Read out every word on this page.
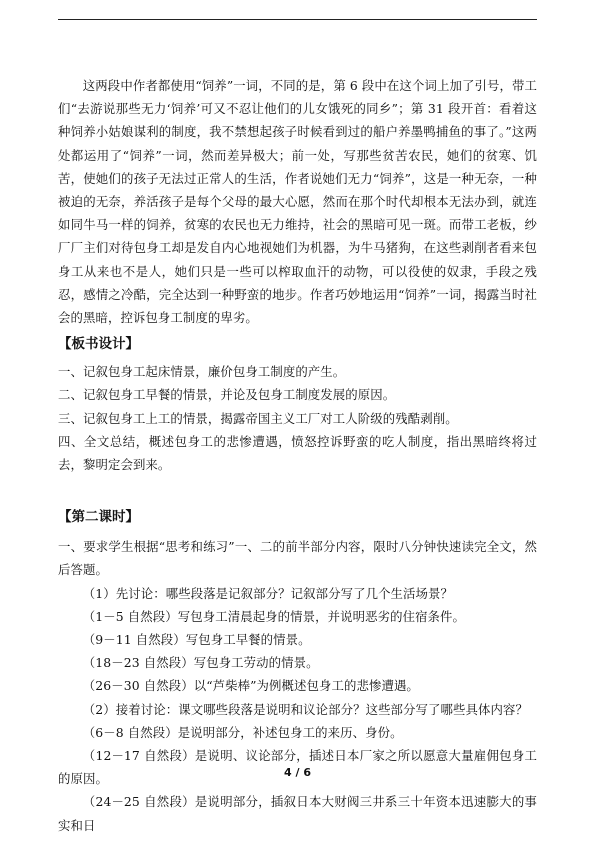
这两段中作者都使用“饲养”一词，不同的是，第 6 段中在这个词上加了引号，带工们“去游说那些无力‘饲养’可又不忍让他们的儿女饿死的同乡”；第 31 段开首：看着这种饲养小姑娘谋利的制度，我不禁想起孩子时候看到过的船户养墨鸭捕鱼的事了。”这两处都运用了“饲养”一词，然而差异极大；前一处，写那些贫苦农民，她们的贫寒、饥苦，使她们的孩子无法过正常人的生活，作者说她们无力“饲养”，这是一种无奈，一种被迫的无奈，养活孩子是每个父母的最大心愿，然而在那个时代却根本无法办到，就连如同牛马一样的饲养，贫寒的农民也无力维持，社会的黑暗可见一斑。而带工老板，纱厂厂主们对待包身工却是发自内心地视她们为机器，为牛马猪狗，在这些剥削者看来包身工从来也不是人，她们只是一些可以榨取血汗的动物，可以役使的奴隶，手段之残忍，感情之冷酷，完全达到一种野蛮的地步。作者巧妙地运用“饲养”一词，揭露当时社会的黑暗，控诉包身工制度的卑劣。

【板书设计】

一、记叙包身工起床情景，廉价包身工制度的产生。

二、记叙包身工早餐的情景，并论及包身工制度发展的原因。

三、记叙包身工上工的情景，揭露帝国主义工厂对工人阶级的残酷剥削。

四、全文总结，概述包身工的悲惨遭遇，愤怒控诉野蛮的吃人制度，指出黑暗终将过去，黎明定会到来。

【第二课时】

一、要求学生根据“思考和练习”一、二的前半部分内容，限时八分钟快速读完全文，然后答题。

（1）先讨论：哪些段落是记叙部分？记叙部分写了几个生活场景？

（1－5 自然段）写包身工清晨起身的情景，并说明恶劣的住宿条件。

（9－11 自然段）写包身工早餐的情景。

（18－23 自然段）写包身工劳动的情景。

（26－30 自然段）以“芦柴棒”为例概述包身工的悲惨遭遇。

（2）接着讨论：课文哪些段落是说明和议论部分？这些部分写了哪些具体内容？

（6－8 自然段）是说明部分，补述包身工的来历、身份。

（12－17 自然段）是说明、议论部分，插述日本厂家之所以愿意大量雇佣包身工的原因。

（24－25 自然段）是说明部分，插叙日本大财阀三井系三十年资本迅速膨大的事实和日

4 / 6
